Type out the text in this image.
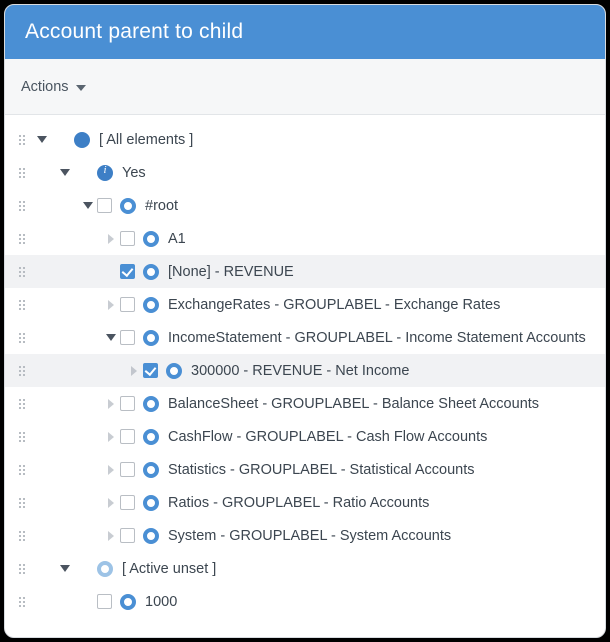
Account parent to child
Actions
[ All elements ]
i
Yes
#root
A1
[None] - REVENUE
ExchangeRates - GROUPLABEL - Exchange Rates
IncomeStatement - GROUPLABEL - Income Statement Accounts
300000 - REVENUE - Net Income
BalanceSheet - GROUPLABEL - Balance Sheet Accounts
CashFlow - GROUPLABEL - Cash Flow Accounts
Statistics - GROUPLABEL - Statistical Accounts
Ratios - GROUPLABEL - Ratio Accounts
System - GROUPLABEL - System Accounts
[ Active unset ]
1000
